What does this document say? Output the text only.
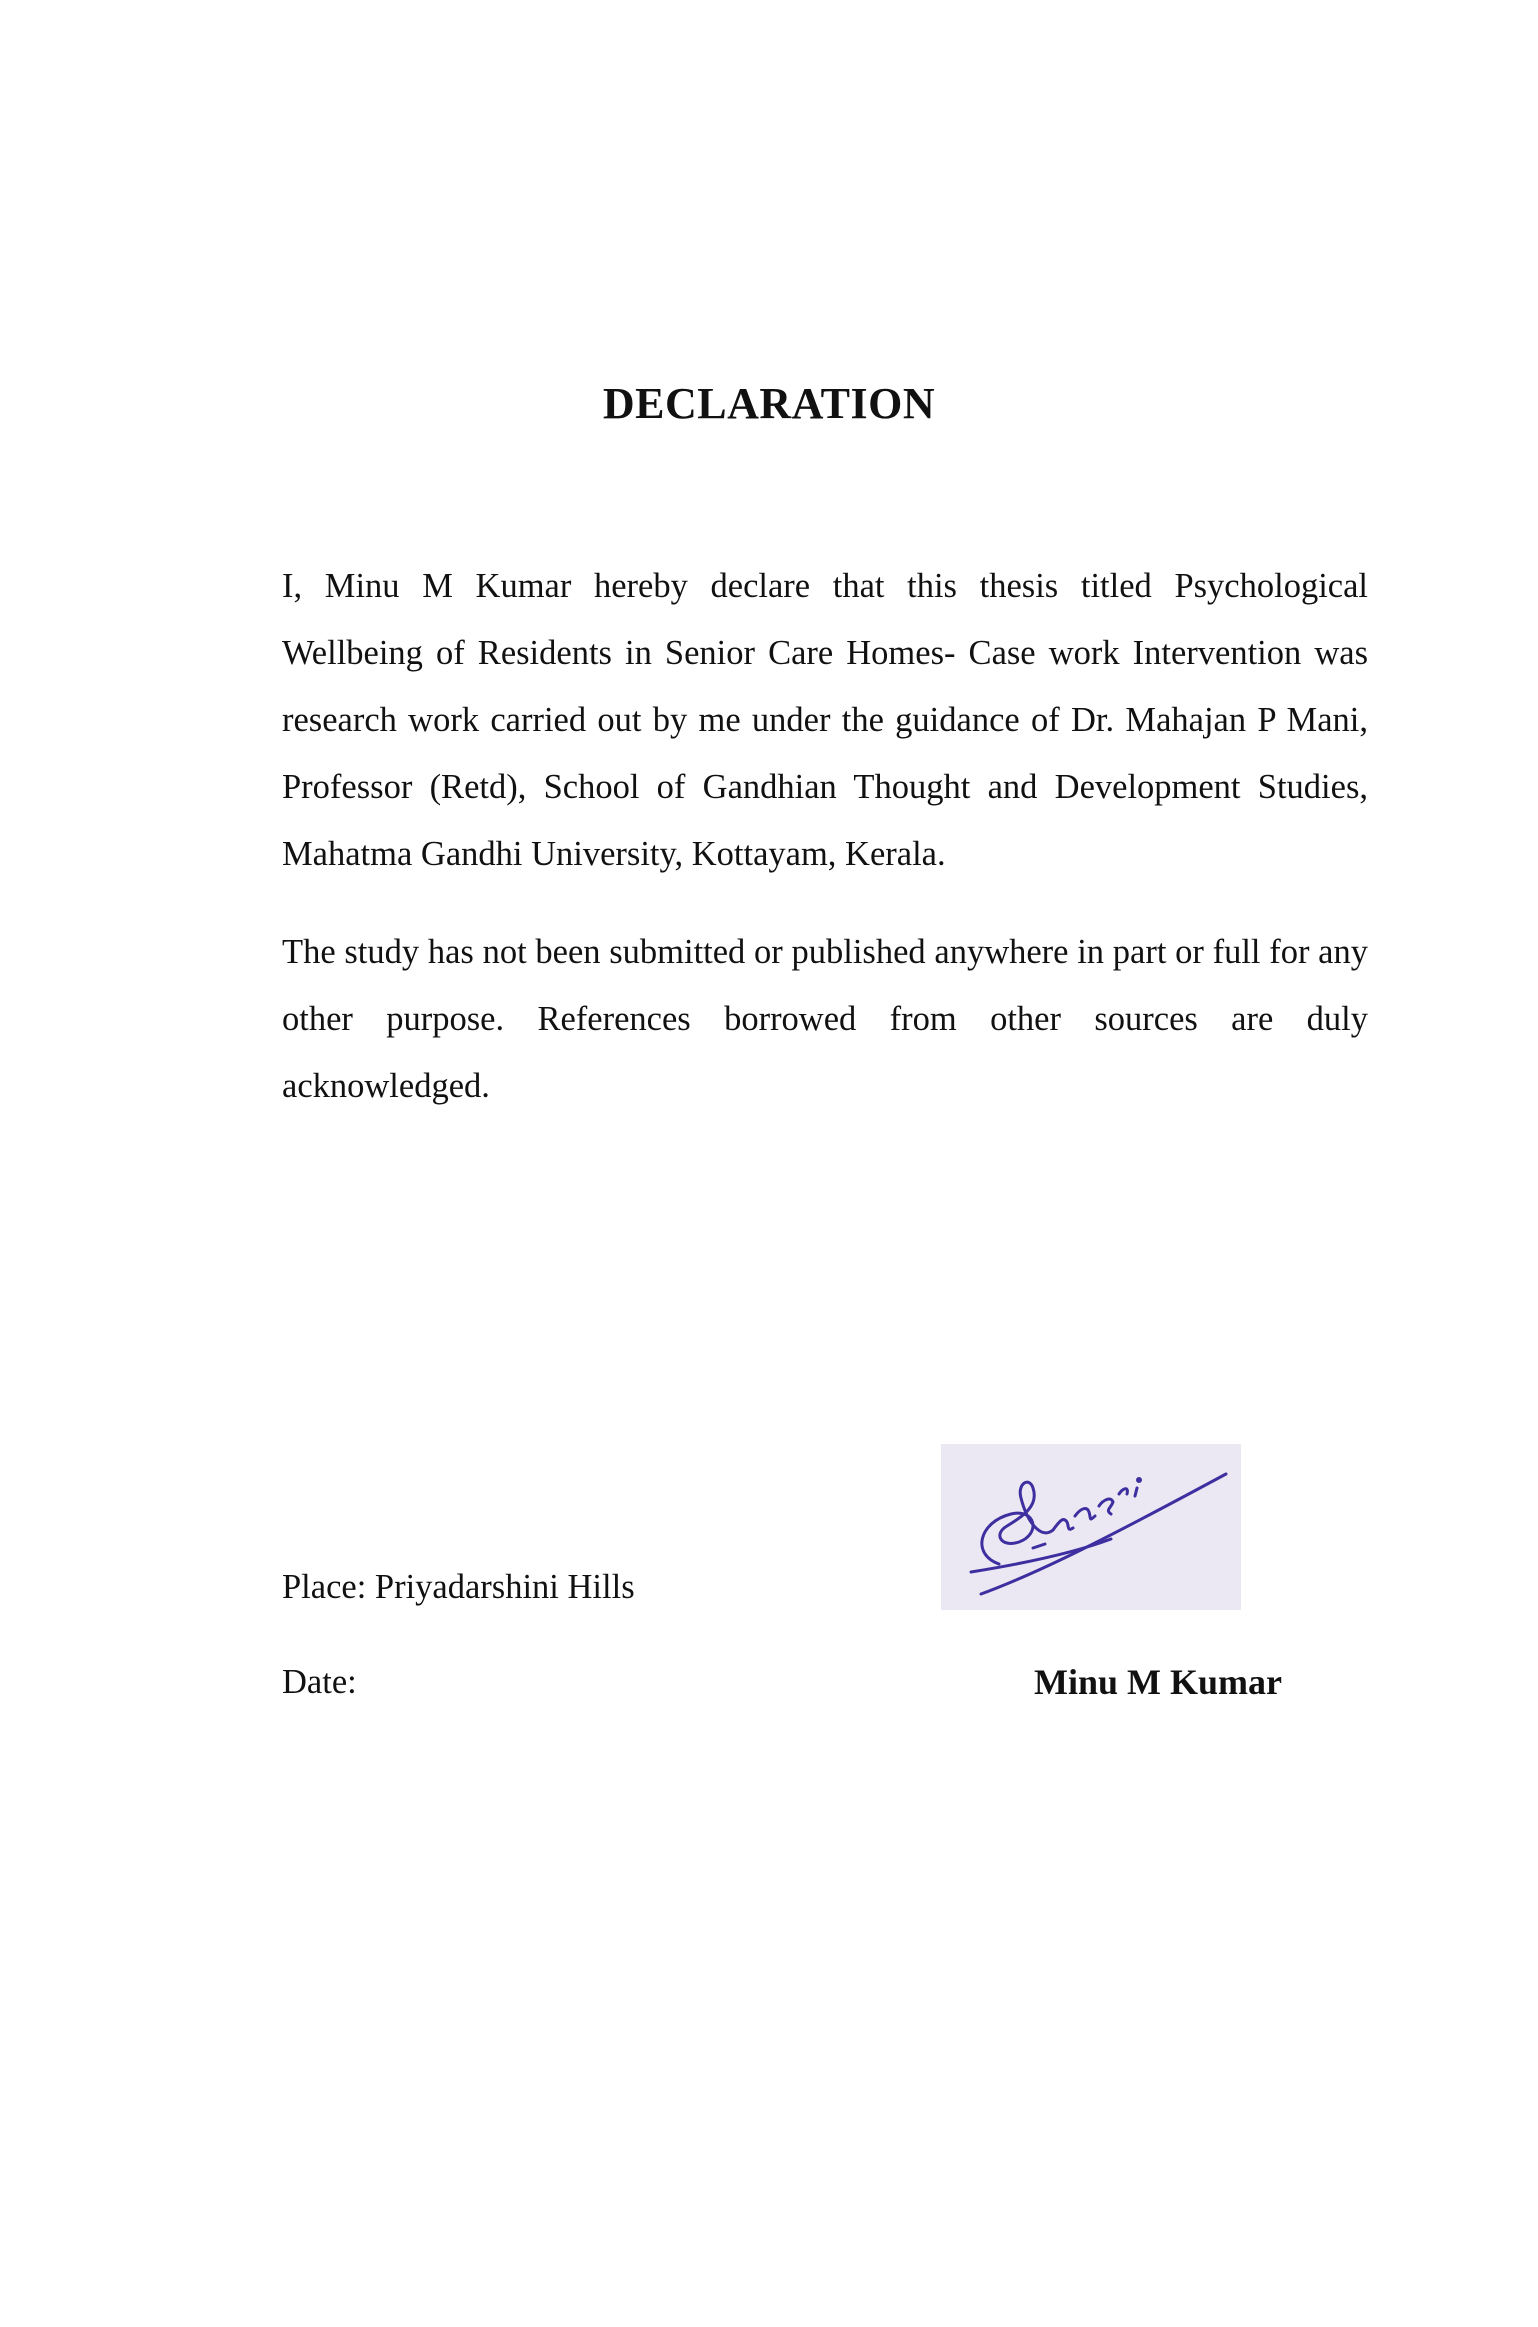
DECLARATION

I, Minu M Kumar hereby declare that this thesis titled Psychological Wellbeing of Residents in Senior Care Homes- Case work Intervention was research work carried out by me under the guidance of Dr. Mahajan P Mani, Professor (Retd), School of Gandhian Thought and Development Studies, Mahatma Gandhi University, Kottayam, Kerala.

The study has not been submitted or published anywhere in part or full for any other purpose. References borrowed from other sources are duly acknowledged.

Place: Priyadarshini Hills

Date:	Minu M Kumar
